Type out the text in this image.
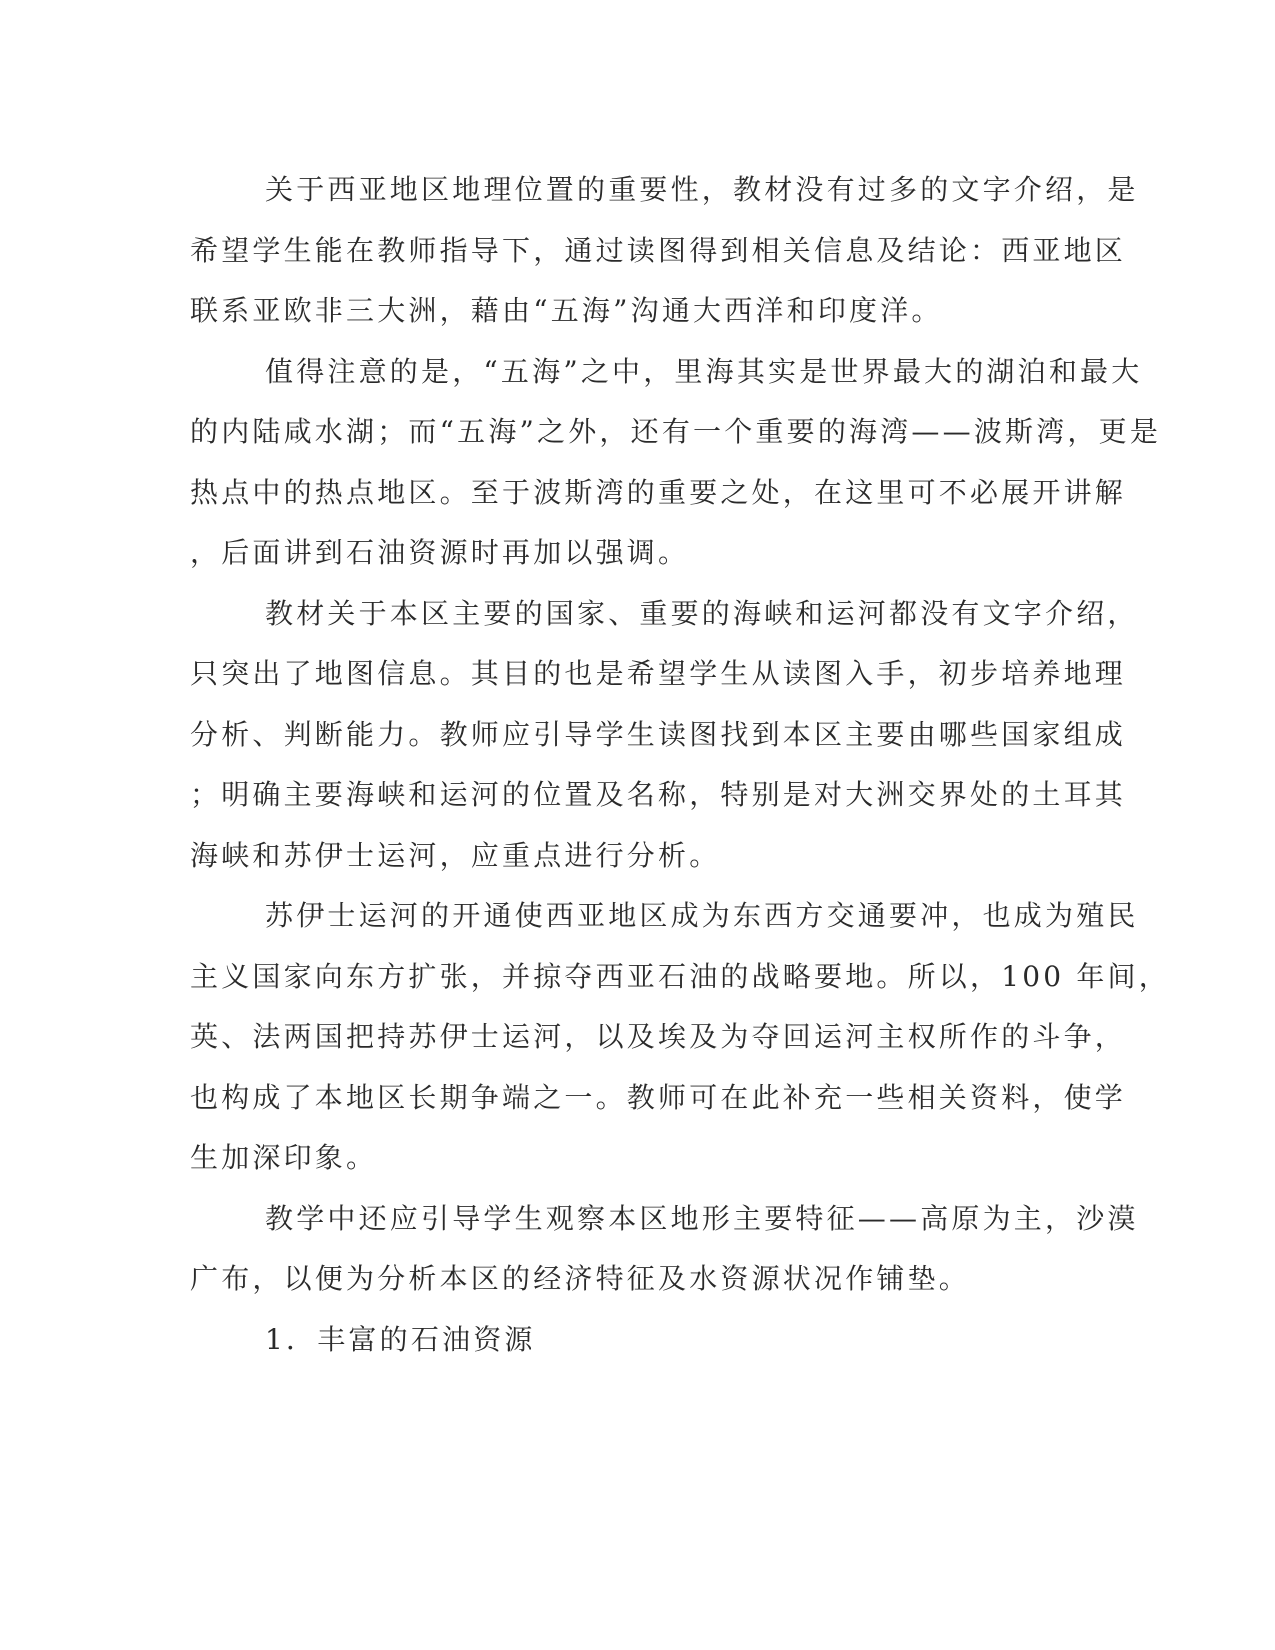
关于西亚地区地理位置的重要性，教材没有过多的文字介绍，是
希望学生能在教师指导下，通过读图得到相关信息及结论：西亚地区
联系亚欧非三大洲，藉由“五海”沟通大西洋和印度洋。
值得注意的是，“五海”之中，里海其实是世界最大的湖泊和最大
的内陆咸水湖；而“五海”之外，还有一个重要的海湾——波斯湾，更是
热点中的热点地区。至于波斯湾的重要之处，在这里可不必展开讲解
，后面讲到石油资源时再加以强调。
教材关于本区主要的国家、重要的海峡和运河都没有文字介绍，
只突出了地图信息。其目的也是希望学生从读图入手，初步培养地理
分析、判断能力。教师应引导学生读图找到本区主要由哪些国家组成
；明确主要海峡和运河的位置及名称，特别是对大洲交界处的土耳其
海峡和苏伊士运河，应重点进行分析。
苏伊士运河的开通使西亚地区成为东西方交通要冲，也成为殖民
主义国家向东方扩张，并掠夺西亚石油的战略要地。所以，100 年间，
英、法两国把持苏伊士运河，以及埃及为夺回运河主权所作的斗争，
也构成了本地区长期争端之一。教师可在此补充一些相关资料，使学
生加深印象。
教学中还应引导学生观察本区地形主要特征——高原为主，沙漠
广布，以便为分析本区的经济特征及水资源状况作铺垫。
1．丰富的石油资源
